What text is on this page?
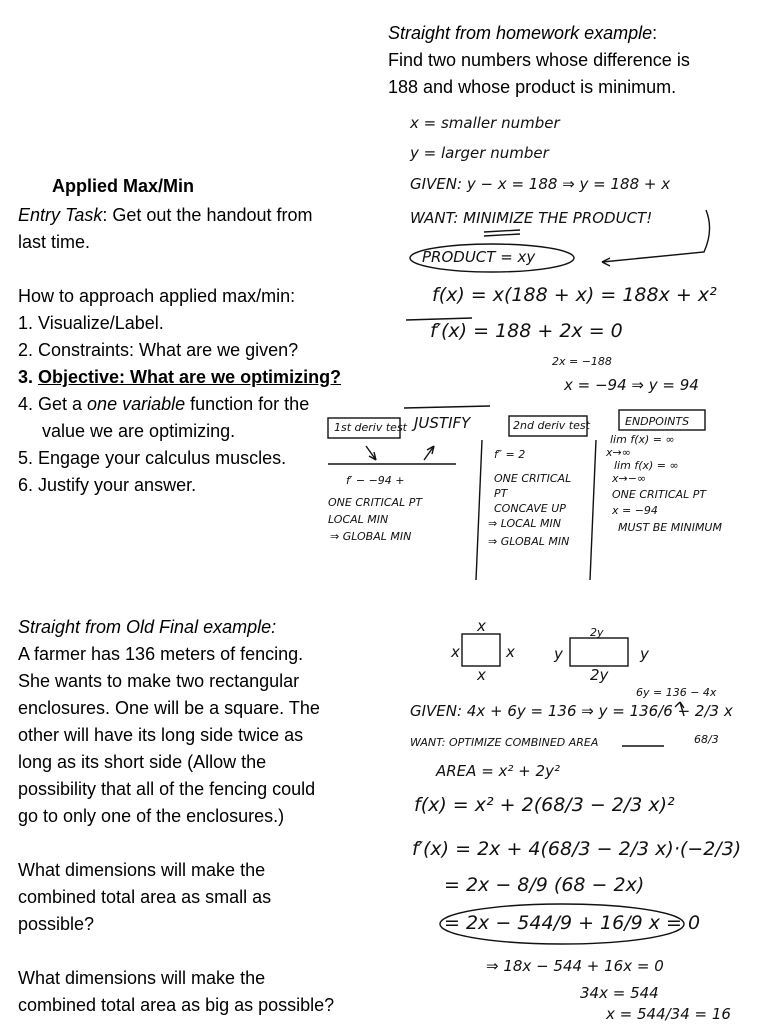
Straight from homework example:
Find two numbers whose difference is
188 and whose product is minimum.
Applied Max/Min
Entry Task: Get out the handout from
last time.
How to approach applied max/min:
1. Visualize/Label.
2. Constraints: What are we given?
3. Objective: What are we optimizing?
4. Get a one variable function for the
value we are optimizing.
5. Engage your calculus muscles.
6. Justify your answer.
Straight from Old Final example:
A farmer has 136 meters of fencing.
She wants to make two rectangular
enclosures. One will be a square. The
other will have its long side twice as
long as its short side (Allow the
possibility that all of the fencing could
go to only one of the enclosures.)
What dimensions will make the
combined total area as small as
possible?
What dimensions will make the
combined total area as big as possible?
x = smaller number
y = larger number
GIVEN: y − x = 188 ⇒ y = 188 + x
WANT: MINIMIZE THE PRODUCT!
PRODUCT = xy
f(x) = x(188 + x) = 188x + x²
f′(x) = 188 + 2x = 0
2x = −188
x = −94 ⇒ y = 94
1st deriv test JUSTIFY	2nd deriv test	ENDPOINTS
f′ − −94 +
ONE CRITICAL PT
LOCAL MIN
⇒ GLOBAL MIN
f″ = 2
ONE CRITICAL
PT
CONCAVE UP
⇒ LOCAL MIN
⇒ GLOBAL MIN
lim f(x) = ∞
x→∞
lim f(x) = ∞
x→−∞
ONE CRITICAL PT
x = −94
MUST BE MINIMUM
x
x	x
x
2y
y	y
2y
6y = 136 − 4x
GIVEN: 4x + 6y = 136 ⇒ y = 136/6 − 2/3 x
WANT: OPTIMIZE COMBINED AREA	68/3
AREA = x² + 2y²
f(x) = x² + 2(68/3 − 2/3 x)²
f′(x) = 2x + 4(68/3 − 2/3 x)·(−2/3)
= 2x − 8/9 (68 − 2x)
= 2x − 544/9 + 16/9 x = 0
⇒ 18x − 544 + 16x = 0
34x = 544
x = 544/34 = 16
